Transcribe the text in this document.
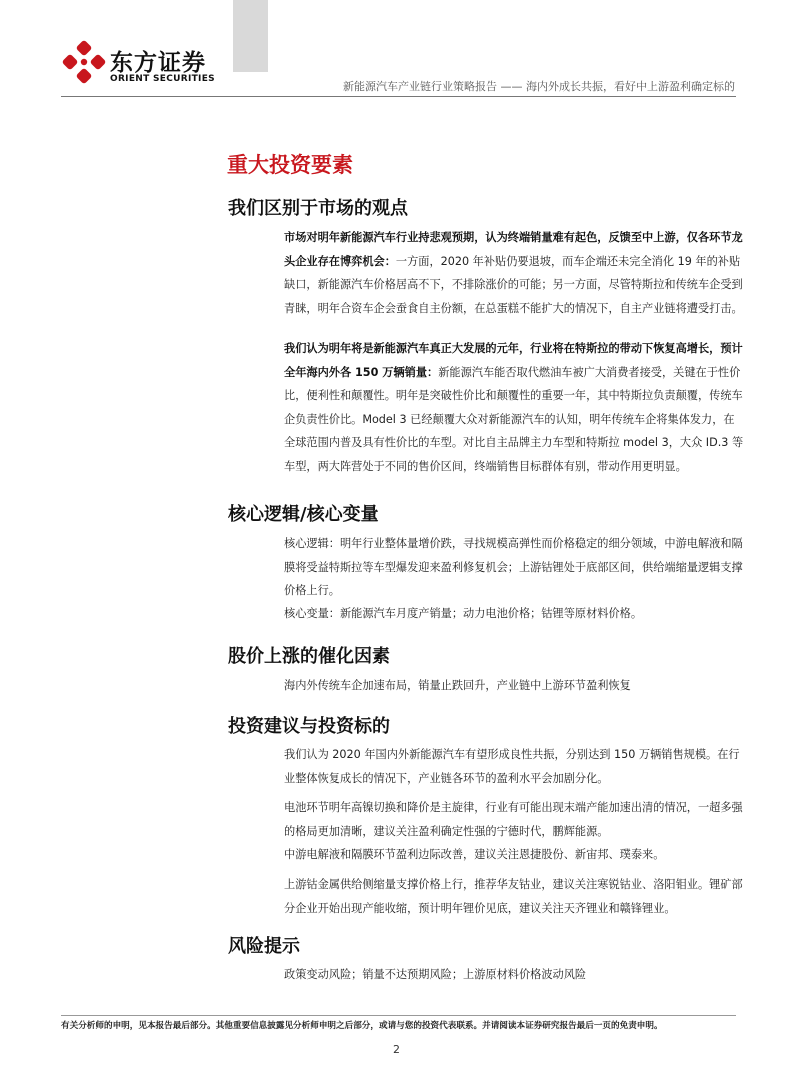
东方证券
ORIENT SECURITIES
新能源汽车产业链行业策略报告 —— 海内外成长共振，看好中上游盈利确定标的
重大投资要素
我们区别于市场的观点

市场对明年新能源汽车行业持悲观预期，认为终端销量难有起色，反馈至中上游，仅各环节龙头企业存在博弈机会：一方面，2020 年补贴仍要退坡，而车企端还未完全消化 19 年的补贴缺口，新能源汽车价格居高不下，不排除涨价的可能；另一方面，尽管特斯拉和传统车企受到青睐，明年合资车企会蚕食自主份额，在总蛋糕不能扩大的情况下，自主产业链将遭受打击。

我们认为明年将是新能源汽车真正大发展的元年，行业将在特斯拉的带动下恢复高增长，预计全年海内外各 150 万辆销量：新能源汽车能否取代燃油车被广大消费者接受，关键在于性价比，便利性和颠覆性。明年是突破性价比和颠覆性的重要一年，其中特斯拉负责颠覆，传统车企负责性价比。Model 3 已经颠覆大众对新能源汽车的认知，明年传统车企将集体发力，在全球范围内普及具有性价比的车型。对比自主品牌主力车型和特斯拉 model 3，大众 ID.3 等车型，两大阵营处于不同的售价区间，终端销售目标群体有别，带动作用更明显。

核心逻辑/核心变量

核心逻辑：明年行业整体量增价跌，寻找规模高弹性而价格稳定的细分领域，中游电解液和隔膜将受益特斯拉等车型爆发迎来盈利修复机会；上游钴锂处于底部区间，供给端缩量逻辑支撑价格上行。

核心变量：新能源汽车月度产销量；动力电池价格；钴锂等原材料价格。

股价上涨的催化因素

海内外传统车企加速布局，销量止跌回升，产业链中上游环节盈利恢复

投资建议与投资标的

我们认为 2020 年国内外新能源汽车有望形成良性共振，分别达到 150 万辆销售规模。在行业整体恢复成长的情况下，产业链各环节的盈利水平会加剧分化。

电池环节明年高镍切换和降价是主旋律，行业有可能出现末端产能加速出清的情况，一超多强的格局更加清晰，建议关注盈利确定性强的宁德时代，鹏辉能源。

中游电解液和隔膜环节盈利边际改善，建议关注恩捷股份、新宙邦、璞泰来。

上游钴金属供给侧缩量支撑价格上行，推荐华友钴业，建议关注寒锐钴业、洛阳钼业。锂矿部分企业开始出现产能收缩，预计明年锂价见底，建议关注天齐锂业和赣锋锂业。

风险提示

政策变动风险；销量不达预期风险；上游原材料价格波动风险

有关分析师的申明，见本报告最后部分。其他重要信息披露见分析师申明之后部分，或请与您的投资代表联系。并请阅读本证券研究报告最后一页的免责申明。
2
